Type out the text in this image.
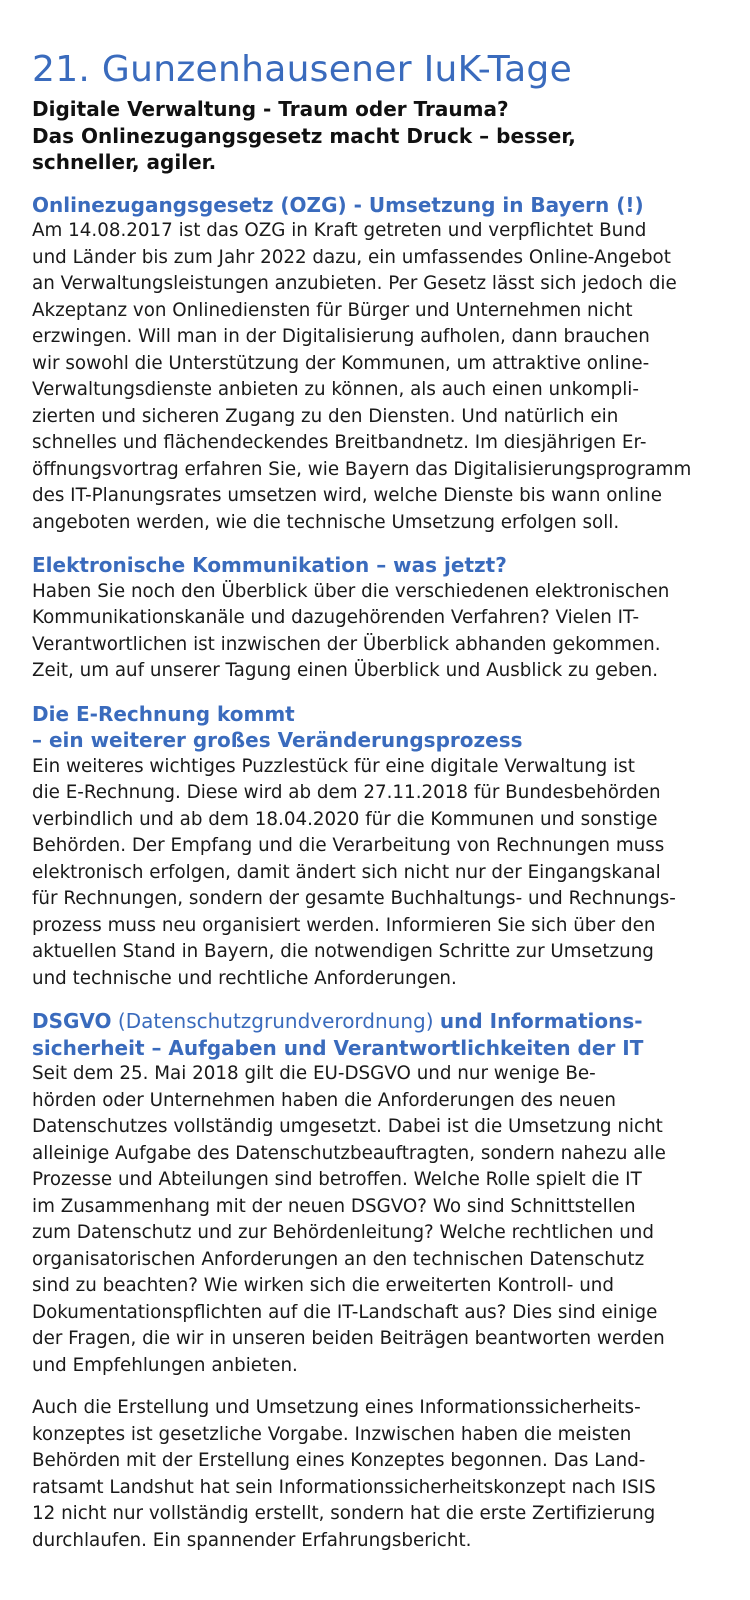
21. Gunzenhausener IuK-Tage
Digitale Verwaltung - Traum oder Trauma?
Das Onlinezugangsgesetz macht Druck – besser,
schneller, agiler.
Onlinezugangsgesetz (OZG) - Umsetzung in Bayern (!)

Am 14.08.2017 ist das OZG in Kraft getreten und verpflichtet Bund
und Länder bis zum Jahr 2022 dazu, ein umfassendes Online-Angebot
an Verwaltungsleistungen anzubieten. Per Gesetz lässt sich jedoch die
Akzeptanz von Onlinediensten für Bürger und Unternehmen nicht
erzwingen. Will man in der Digitalisierung aufholen, dann brauchen
wir sowohl die Unterstützung der Kommunen, um attraktive online-
Verwaltungsdienste anbieten zu können, als auch einen unkompli-
zierten und sicheren Zugang zu den Diensten. Und natürlich ein
schnelles und flächendeckendes Breitbandnetz. Im diesjährigen Er-
öffnungsvortrag erfahren Sie, wie Bayern das Digitalisierungsprogramm
des IT-Planungsrates umsetzen wird, welche Dienste bis wann online
angeboten werden, wie die technische Umsetzung erfolgen soll.

Elektronische Kommunikation – was jetzt?

Haben Sie noch den Überblick über die verschiedenen elektronischen
Kommunikationskanäle und dazugehörenden Verfahren? Vielen IT-
Verantwortlichen ist inzwischen der Überblick abhanden gekommen.
Zeit, um auf unserer Tagung einen Überblick und Ausblick zu geben.

Die E-Rechnung kommt
– ein weiterer großes Veränderungsprozess

Ein weiteres wichtiges Puzzlestück für eine digitale Verwaltung ist
die E-Rechnung. Diese wird ab dem 27.11.2018 für Bundesbehörden
verbindlich und ab dem 18.04.2020 für die Kommunen und sonstige
Behörden. Der Empfang und die Verarbeitung von Rechnungen muss
elektronisch erfolgen, damit ändert sich nicht nur der Eingangskanal
für Rechnungen, sondern der gesamte Buchhaltungs- und Rechnungs-
prozess muss neu organisiert werden. Informieren Sie sich über den
aktuellen Stand in Bayern, die notwendigen Schritte zur Umsetzung
und technische und rechtliche Anforderungen.

DSGVO (Datenschutzgrundverordnung) und Informations-
sicherheit – Aufgaben und Verantwortlichkeiten der IT

Seit dem 25. Mai 2018 gilt die EU-DSGVO und nur wenige Be-
hörden oder Unternehmen haben die Anforderungen des neuen
Datenschutzes vollständig umgesetzt. Dabei ist die Umsetzung nicht
alleinige Aufgabe des Datenschutzbeauftragten, sondern nahezu alle
Prozesse und Abteilungen sind betroffen. Welche Rolle spielt die IT
im Zusammenhang mit der neuen DSGVO? Wo sind Schnittstellen
zum Datenschutz und zur Behördenleitung? Welche rechtlichen und
organisatorischen Anforderungen an den technischen Datenschutz
sind zu beachten? Wie wirken sich die erweiterten Kontroll- und
Dokumentationspflichten auf die IT-Landschaft aus? Dies sind einige
der Fragen, die wir in unseren beiden Beiträgen beantworten werden
und Empfehlungen anbieten.

Auch die Erstellung und Umsetzung eines Informationssicherheits-
konzeptes ist gesetzliche Vorgabe. Inzwischen haben die meisten
Behörden mit der Erstellung eines Konzeptes begonnen. Das Land-
ratsamt Landshut hat sein Informationssicherheitskonzept nach ISIS
12 nicht nur vollständig erstellt, sondern hat die erste Zertifizierung
durchlaufen. Ein spannender Erfahrungsbericht.
